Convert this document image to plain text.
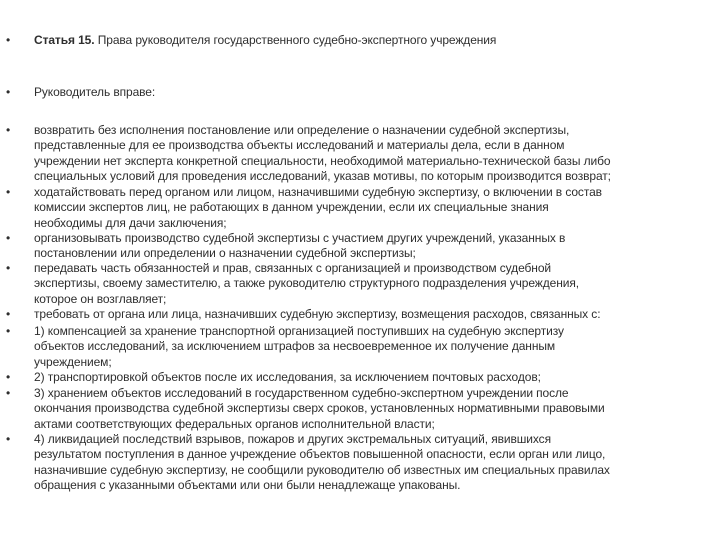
• Статья 15. Права руководителя государственного судебно-экспертного учреждения
• Руководитель вправе:
• возвратить без исполнения постановление или определение о назначении судебной экспертизы,
представленные для ее производства объекты исследований и материалы дела, если в данном
учреждении нет эксперта конкретной специальности, необходимой материально-технической базы либо
специальных условий для проведения исследований, указав мотивы, по которым производится возврат;
• ходатайствовать перед органом или лицом, назначившими судебную экспертизу, о включении в состав
комиссии экспертов лиц, не работающих в данном учреждении, если их специальные знания
необходимы для дачи заключения;
• организовывать производство судебной экспертизы с участием других учреждений, указанных в
постановлении или определении о назначении судебной экспертизы;
• передавать часть обязанностей и прав, связанных с организацией и производством судебной
экспертизы, своему заместителю, а также руководителю структурного подразделения учреждения,
которое он возглавляет;
• требовать от органа или лица, назначивших судебную экспертизу, возмещения расходов, связанных с:
• 1) компенсацией за хранение транспортной организацией поступивших на судебную экспертизу
объектов исследований, за исключением штрафов за несвоевременное их получение данным
учреждением;
• 2) транспортировкой объектов после их исследования, за исключением почтовых расходов;
• 3) хранением объектов исследований в государственном судебно-экспертном учреждении после
окончания производства судебной экспертизы сверх сроков, установленных нормативными правовыми
актами соответствующих федеральных органов исполнительной власти;
• 4) ликвидацией последствий взрывов, пожаров и других экстремальных ситуаций, явившихся
результатом поступления в данное учреждение объектов повышенной опасности, если орган или лицо,
назначившие судебную экспертизу, не сообщили руководителю об известных им специальных правилах
обращения с указанными объектами или они были ненадлежаще упакованы.
